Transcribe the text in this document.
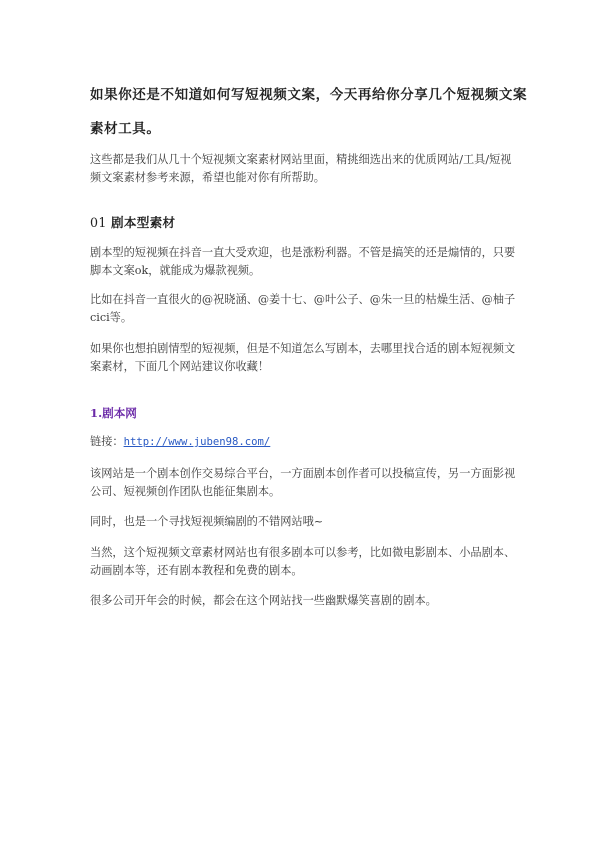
如果你还是不知道如何写短视频文案，今天再给你分享几个短视频文案

素材工具。

这些都是我们从几十个短视频文案素材网站里面，精挑细选出来的优质网站/工具/短视频文案素材参考来源，希望也能对你有所帮助。

01 剧本型素材

剧本型的短视频在抖音一直大受欢迎，也是涨粉利器。不管是搞笑的还是煽情的，只要脚本文案ok，就能成为爆款视频。

比如在抖音一直很火的@祝晓涵、@姜十七、@叶公子、@朱一旦的枯燥生活、@柚子cici等。

如果你也想拍剧情型的短视频，但是不知道怎么写剧本，去哪里找合适的剧本短视频文案素材，下面几个网站建议你收藏！

1.剧本网
链接：http://www.juben98.com/

该网站是一个剧本创作交易综合平台，一方面剧本创作者可以投稿宣传，另一方面影视公司、短视频创作团队也能征集剧本。

同时，也是一个寻找短视频编剧的不错网站哦~

当然，这个短视频文章素材网站也有很多剧本可以参考，比如微电影剧本、小品剧本、动画剧本等，还有剧本教程和免费的剧本。

很多公司开年会的时候，都会在这个网站找一些幽默爆笑喜剧的剧本。
